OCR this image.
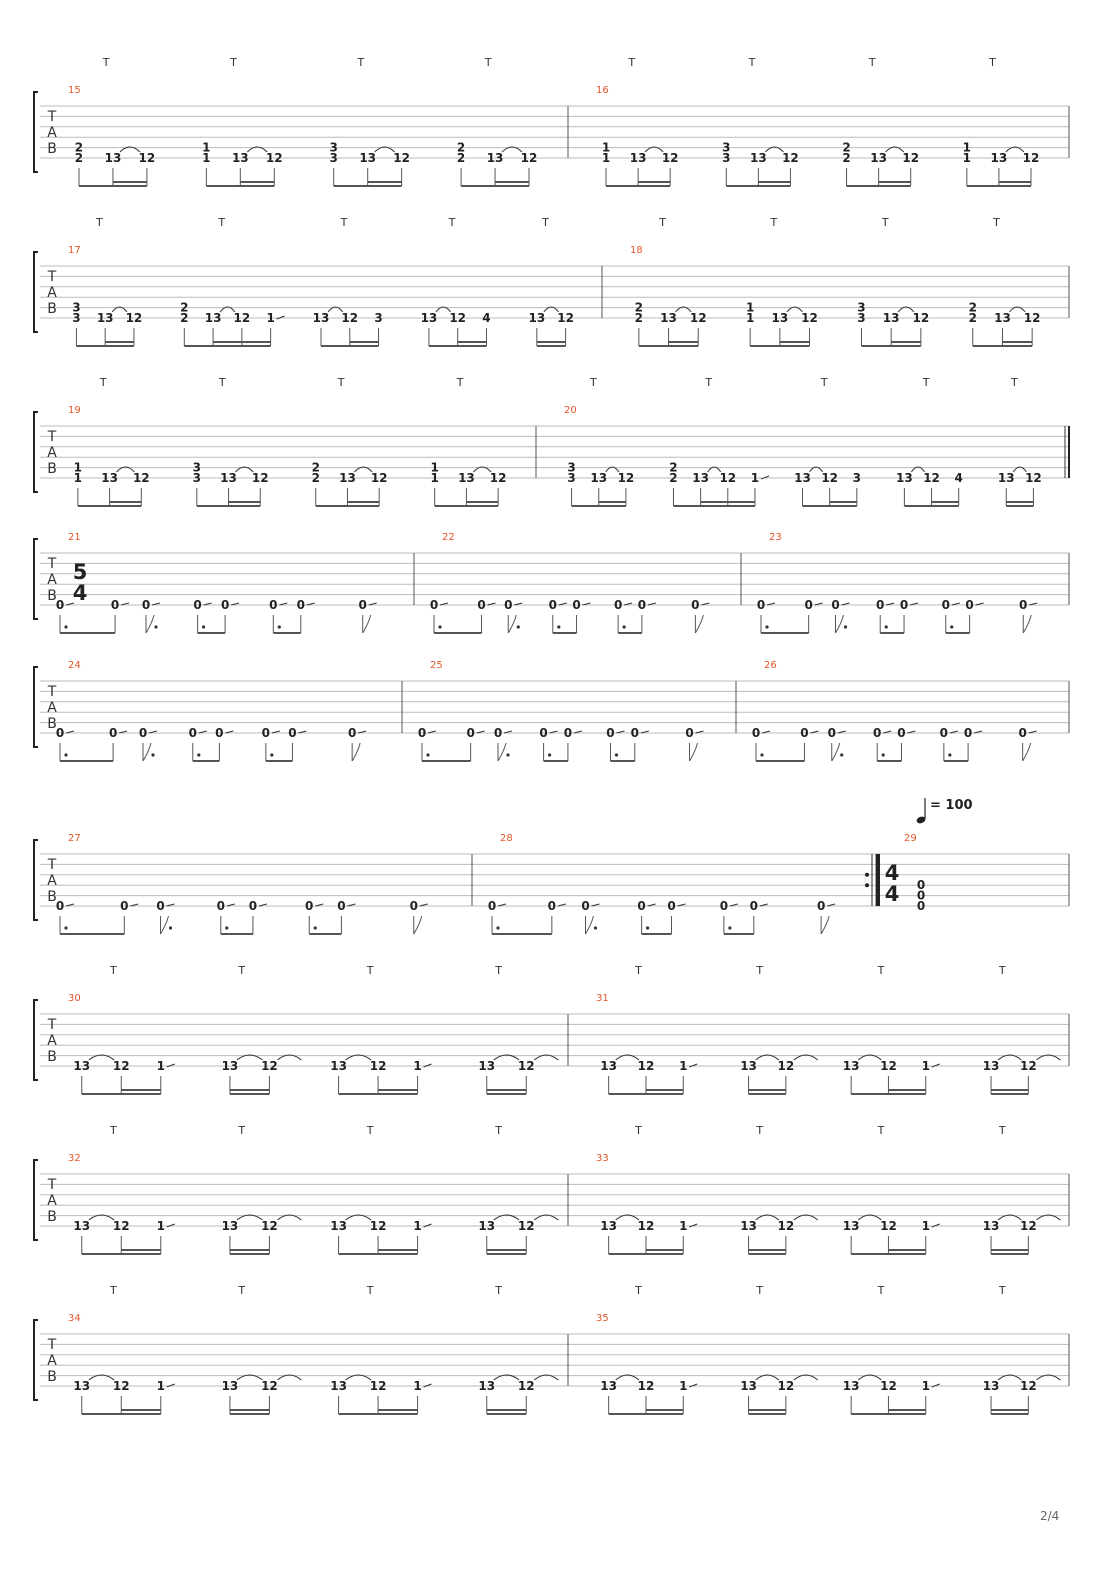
T
A
B
15
2
2 13 12
T
1
1 13 12
T
3
3 13 12
T
2
2 13 12
T
16
1
1 13 12
T
3
3 13 12
T
2
2 13 12
T
1
1 13 12
T
T
A
B
17
3
3 13 12
T
2
2 13 12 1
T
13 12 3
T
13 12 4
T
13 12
T
18
2
2 13 12
T
1
1 13 12
T
3
3 13 12
T
2
2 13 12
T
T
A
B
19
1
1 13 12
T
3
3 13 12
T
2
2 13 12
T
1
1 13 12
T
20
3
3 13 12
T
2
2 13 12 1
T
13 12 3
T
13 12 4
T
13 12
T
T
A
B
21
0	0 0	0 0	0 0	0
22
0	0 0	0 0	0 0	0
23
0	0 0	0 0	0 0	0
T
A
B
24
0	0 0	0 0	0 0	0
25
0	0 0	0 0	0 0	0
26
0	0 0	0 0	0 0	0
T
A
B
27
0	0 0	0 0	0 0	0
28
0	0 0	0 0	0 0	0
29
0
0
0
T
A
B
30
13 12 1
T
13 12
T
13 12 1
T
13 12
T
31
13 12 1
T
13 12
T
13 12 1
T
13 12
T
T
A
B
32
13 12 1
T
13 12
T
13 12 1
T
13 12
T
33
13 12 1
T
13 12
T
13 12 1
T
13 12
T
T
A
B
34
13 12 1
T
13 12
T
13 12 1
T
13 12
T
35
13 12 1
T
13 12
T
13 12 1
T
13 12
T
5
4
4
4
= 100
2/4
